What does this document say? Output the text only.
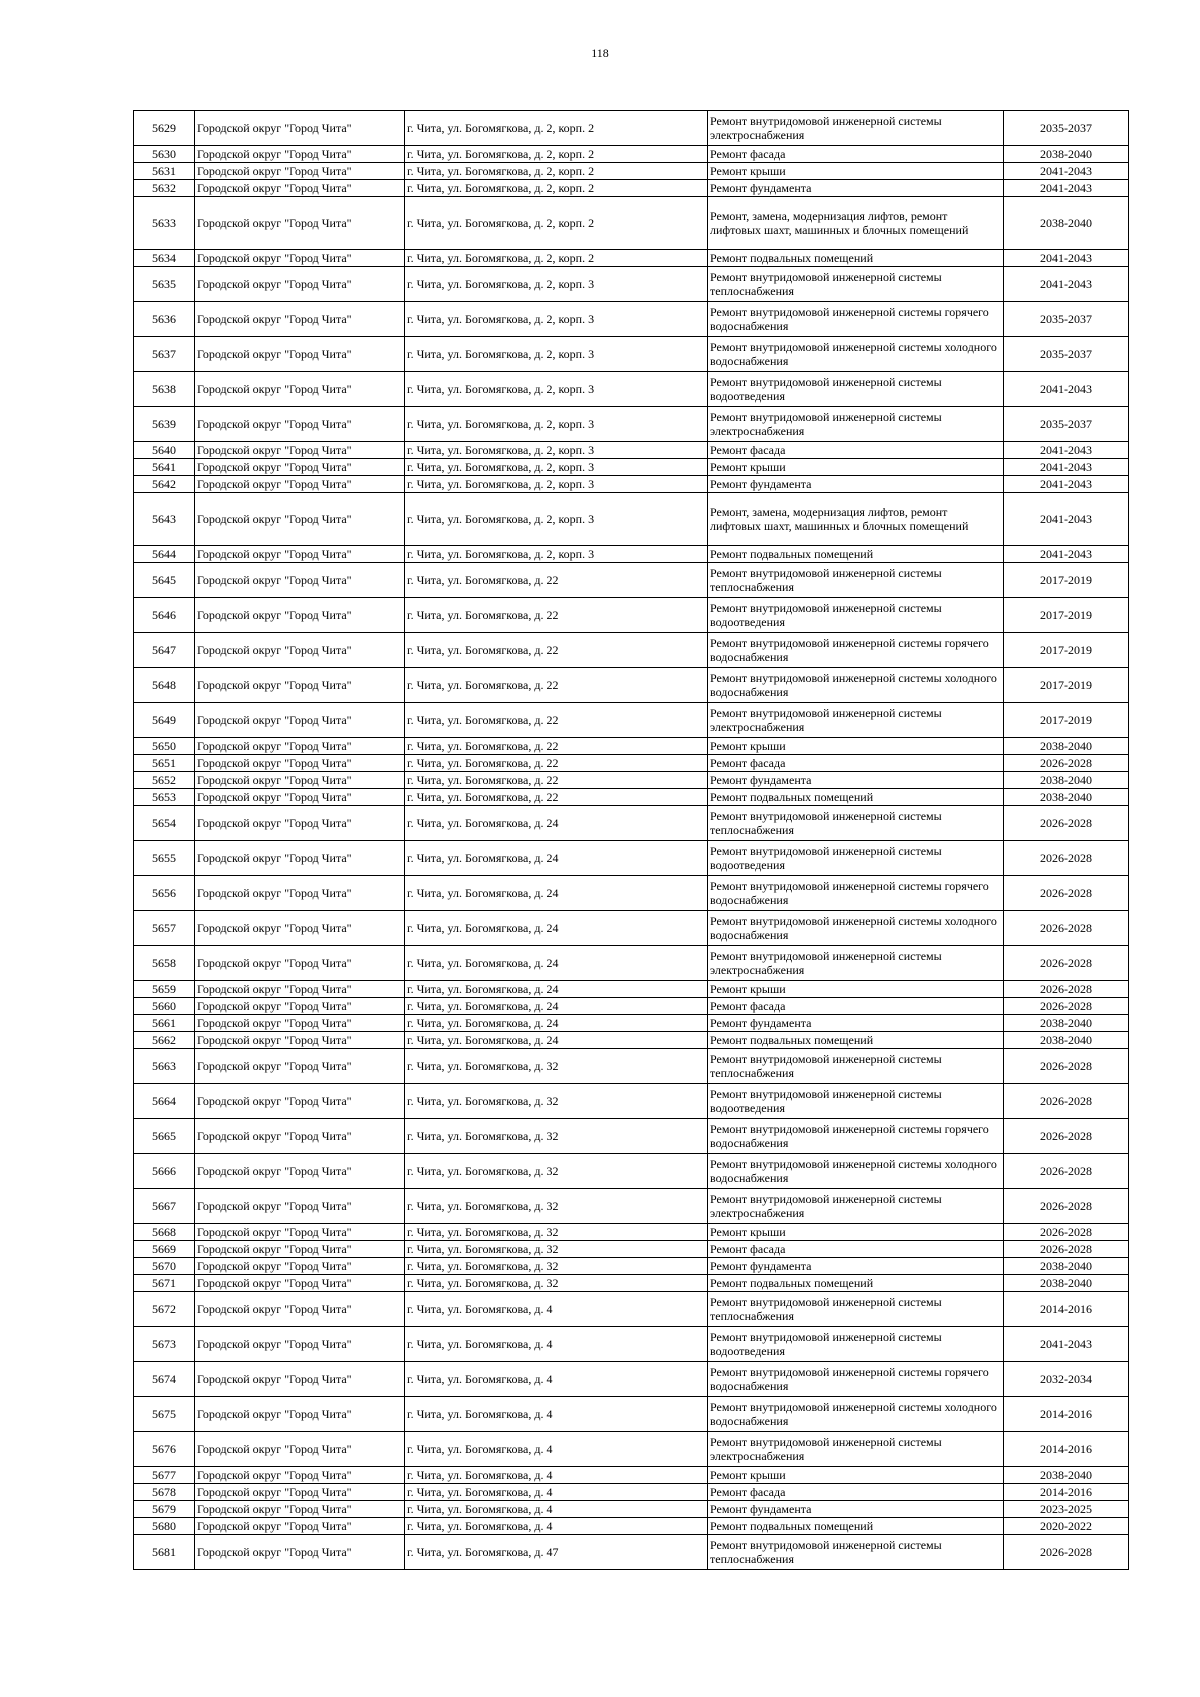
118
5629	Городской округ "Город Чита"	г. Чита, ул. Богомягкова, д. 2, корп. 2	Ремонт внутридомовой инженерной системы электроснабжения	2035-2037
5630	Городской округ "Город Чита"	г. Чита, ул. Богомягкова, д. 2, корп. 2	Ремонт фасада	2038-2040
5631	Городской округ "Город Чита"	г. Чита, ул. Богомягкова, д. 2, корп. 2	Ремонт крыши	2041-2043
5632	Городской округ "Город Чита"	г. Чита, ул. Богомягкова, д. 2, корп. 2	Ремонт фундамента	2041-2043
5633	Городской округ "Город Чита"	г. Чита, ул. Богомягкова, д. 2, корп. 2	Ремонт, замена, модернизация лифтов, ремонт лифтовых шахт, машинных и блочных помещений	2038-2040
5634	Городской округ "Город Чита"	г. Чита, ул. Богомягкова, д. 2, корп. 2	Ремонт подвальных помещений	2041-2043
5635	Городской округ "Город Чита"	г. Чита, ул. Богомягкова, д. 2, корп. 3	Ремонт внутридомовой инженерной системы теплоснабжения	2041-2043
5636	Городской округ "Город Чита"	г. Чита, ул. Богомягкова, д. 2, корп. 3	Ремонт внутридомовой инженерной системы горячего водоснабжения	2035-2037
5637	Городской округ "Город Чита"	г. Чита, ул. Богомягкова, д. 2, корп. 3	Ремонт внутридомовой инженерной системы холодного водоснабжения	2035-2037
5638	Городской округ "Город Чита"	г. Чита, ул. Богомягкова, д. 2, корп. 3	Ремонт внутридомовой инженерной системы водоотведения	2041-2043
5639	Городской округ "Город Чита"	г. Чита, ул. Богомягкова, д. 2, корп. 3	Ремонт внутридомовой инженерной системы электроснабжения	2035-2037
5640	Городской округ "Город Чита"	г. Чита, ул. Богомягкова, д. 2, корп. 3	Ремонт фасада	2041-2043
5641	Городской округ "Город Чита"	г. Чита, ул. Богомягкова, д. 2, корп. 3	Ремонт крыши	2041-2043
5642	Городской округ "Город Чита"	г. Чита, ул. Богомягкова, д. 2, корп. 3	Ремонт фундамента	2041-2043
5643	Городской округ "Город Чита"	г. Чита, ул. Богомягкова, д. 2, корп. 3	Ремонт, замена, модернизация лифтов, ремонт лифтовых шахт, машинных и блочных помещений	2041-2043
5644	Городской округ "Город Чита"	г. Чита, ул. Богомягкова, д. 2, корп. 3	Ремонт подвальных помещений	2041-2043
5645	Городской округ "Город Чита"	г. Чита, ул. Богомягкова, д. 22	Ремонт внутридомовой инженерной системы теплоснабжения	2017-2019
5646	Городской округ "Город Чита"	г. Чита, ул. Богомягкова, д. 22	Ремонт внутридомовой инженерной системы водоотведения	2017-2019
5647	Городской округ "Город Чита"	г. Чита, ул. Богомягкова, д. 22	Ремонт внутридомовой инженерной системы горячего водоснабжения	2017-2019
5648	Городской округ "Город Чита"	г. Чита, ул. Богомягкова, д. 22	Ремонт внутридомовой инженерной системы холодного водоснабжения	2017-2019
5649	Городской округ "Город Чита"	г. Чита, ул. Богомягкова, д. 22	Ремонт внутридомовой инженерной системы электроснабжения	2017-2019
5650	Городской округ "Город Чита"	г. Чита, ул. Богомягкова, д. 22	Ремонт крыши	2038-2040
5651	Городской округ "Город Чита"	г. Чита, ул. Богомягкова, д. 22	Ремонт фасада	2026-2028
5652	Городской округ "Город Чита"	г. Чита, ул. Богомягкова, д. 22	Ремонт фундамента	2038-2040
5653	Городской округ "Город Чита"	г. Чита, ул. Богомягкова, д. 22	Ремонт подвальных помещений	2038-2040
5654	Городской округ "Город Чита"	г. Чита, ул. Богомягкова, д. 24	Ремонт внутридомовой инженерной системы теплоснабжения	2026-2028
5655	Городской округ "Город Чита"	г. Чита, ул. Богомягкова, д. 24	Ремонт внутридомовой инженерной системы водоотведения	2026-2028
5656	Городской округ "Город Чита"	г. Чита, ул. Богомягкова, д. 24	Ремонт внутридомовой инженерной системы горячего водоснабжения	2026-2028
5657	Городской округ "Город Чита"	г. Чита, ул. Богомягкова, д. 24	Ремонт внутридомовой инженерной системы холодного водоснабжения	2026-2028
5658	Городской округ "Город Чита"	г. Чита, ул. Богомягкова, д. 24	Ремонт внутридомовой инженерной системы электроснабжения	2026-2028
5659	Городской округ "Город Чита"	г. Чита, ул. Богомягкова, д. 24	Ремонт крыши	2026-2028
5660	Городской округ "Город Чита"	г. Чита, ул. Богомягкова, д. 24	Ремонт фасада	2026-2028
5661	Городской округ "Город Чита"	г. Чита, ул. Богомягкова, д. 24	Ремонт фундамента	2038-2040
5662	Городской округ "Город Чита"	г. Чита, ул. Богомягкова, д. 24	Ремонт подвальных помещений	2038-2040
5663	Городской округ "Город Чита"	г. Чита, ул. Богомягкова, д. 32	Ремонт внутридомовой инженерной системы теплоснабжения	2026-2028
5664	Городской округ "Город Чита"	г. Чита, ул. Богомягкова, д. 32	Ремонт внутридомовой инженерной системы водоотведения	2026-2028
5665	Городской округ "Город Чита"	г. Чита, ул. Богомягкова, д. 32	Ремонт внутридомовой инженерной системы горячего водоснабжения	2026-2028
5666	Городской округ "Город Чита"	г. Чита, ул. Богомягкова, д. 32	Ремонт внутридомовой инженерной системы холодного водоснабжения	2026-2028
5667	Городской округ "Город Чита"	г. Чита, ул. Богомягкова, д. 32	Ремонт внутридомовой инженерной системы электроснабжения	2026-2028
5668	Городской округ "Город Чита"	г. Чита, ул. Богомягкова, д. 32	Ремонт крыши	2026-2028
5669	Городской округ "Город Чита"	г. Чита, ул. Богомягкова, д. 32	Ремонт фасада	2026-2028
5670	Городской округ "Город Чита"	г. Чита, ул. Богомягкова, д. 32	Ремонт фундамента	2038-2040
5671	Городской округ "Город Чита"	г. Чита, ул. Богомягкова, д. 32	Ремонт подвальных помещений	2038-2040
5672	Городской округ "Город Чита"	г. Чита, ул. Богомягкова, д. 4	Ремонт внутридомовой инженерной системы теплоснабжения	2014-2016
5673	Городской округ "Город Чита"	г. Чита, ул. Богомягкова, д. 4	Ремонт внутридомовой инженерной системы водоотведения	2041-2043
5674	Городской округ "Город Чита"	г. Чита, ул. Богомягкова, д. 4	Ремонт внутридомовой инженерной системы горячего водоснабжения	2032-2034
5675	Городской округ "Город Чита"	г. Чита, ул. Богомягкова, д. 4	Ремонт внутридомовой инженерной системы холодного водоснабжения	2014-2016
5676	Городской округ "Город Чита"	г. Чита, ул. Богомягкова, д. 4	Ремонт внутридомовой инженерной системы электроснабжения	2014-2016
5677	Городской округ "Город Чита"	г. Чита, ул. Богомягкова, д. 4	Ремонт крыши	2038-2040
5678	Городской округ "Город Чита"	г. Чита, ул. Богомягкова, д. 4	Ремонт фасада	2014-2016
5679	Городской округ "Город Чита"	г. Чита, ул. Богомягкова, д. 4	Ремонт фундамента	2023-2025
5680	Городской округ "Город Чита"	г. Чита, ул. Богомягкова, д. 4	Ремонт подвальных помещений	2020-2022
5681	Городской округ "Город Чита"	г. Чита, ул. Богомягкова, д. 47	Ремонт внутридомовой инженерной системы теплоснабжения	2026-2028
